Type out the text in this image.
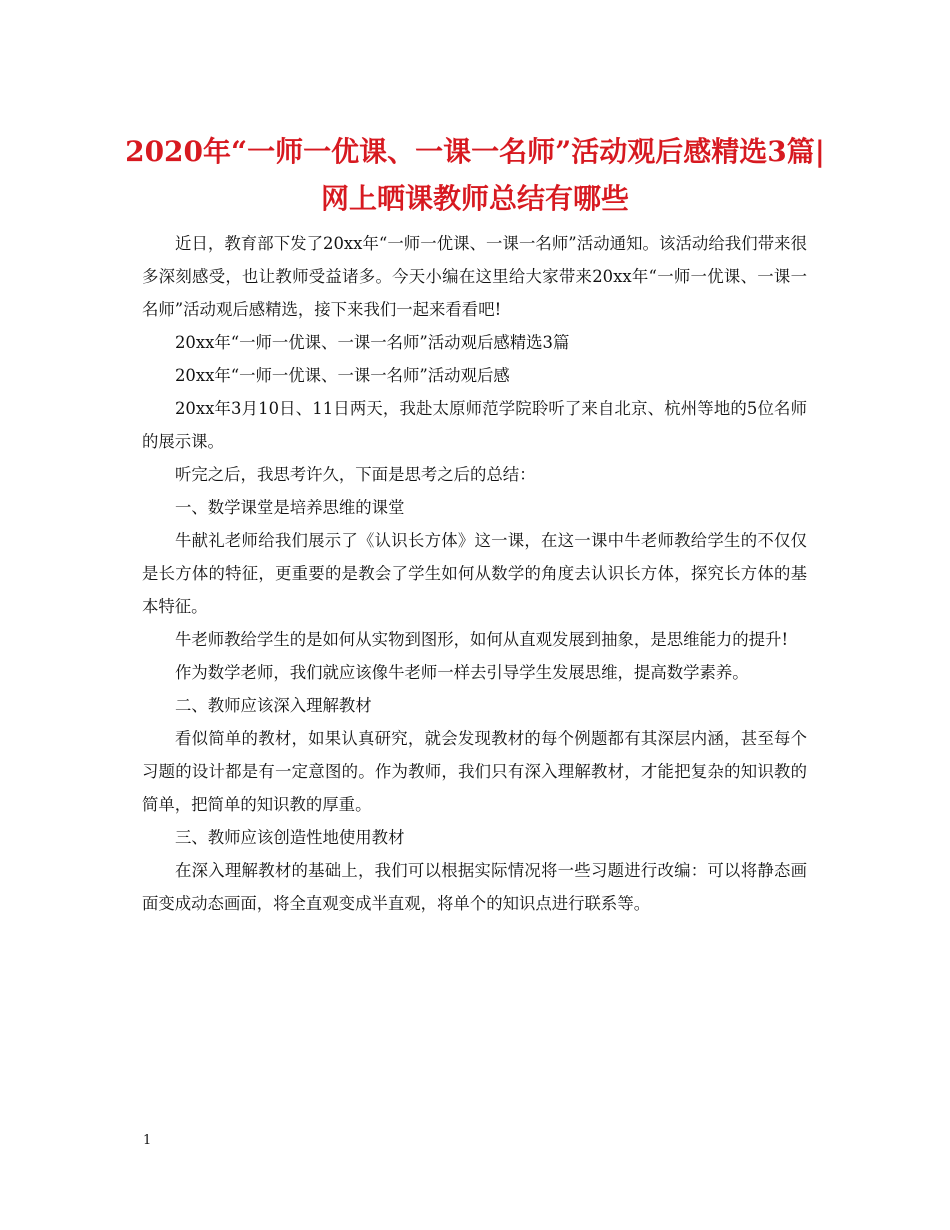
2020年“一师一优课、一课一名师”活动观后感精选3篇|网上晒课教师总结有哪些

近日，教育部下发了20xx年“一师一优课、一课一名师”活动通知。该活动给我们带来很多深刻感受，也让教师受益诸多。今天小编在这里给大家带来20xx年“一师一优课、一课一名师”活动观后感精选，接下来我们一起来看看吧!

20xx年“一师一优课、一课一名师”活动观后感精选3篇

20xx年“一师一优课、一课一名师”活动观后感

20xx年3月10日、11日两天，我赴太原师范学院聆听了来自北京、杭州等地的5位名师的展示课。

听完之后，我思考许久，下面是思考之后的总结：

一、数学课堂是培养思维的课堂

牛献礼老师给我们展示了《认识长方体》这一课，在这一课中牛老师教给学生的不仅仅是长方体的特征，更重要的是教会了学生如何从数学的角度去认识长方体，探究长方体的基本特征。

牛老师教给学生的是如何从实物到图形，如何从直观发展到抽象，是思维能力的提升!

作为数学老师，我们就应该像牛老师一样去引导学生发展思维，提高数学素养。

二、教师应该深入理解教材

看似简单的教材，如果认真研究，就会发现教材的每个例题都有其深层内涵，甚至每个习题的设计都是有一定意图的。作为教师，我们只有深入理解教材，才能把复杂的知识教的简单，把简单的知识教的厚重。

三、教师应该创造性地使用教材

在深入理解教材的基础上，我们可以根据实际情况将一些习题进行改编：可以将静态画面变成动态画面，将全直观变成半直观，将单个的知识点进行联系等。

1
